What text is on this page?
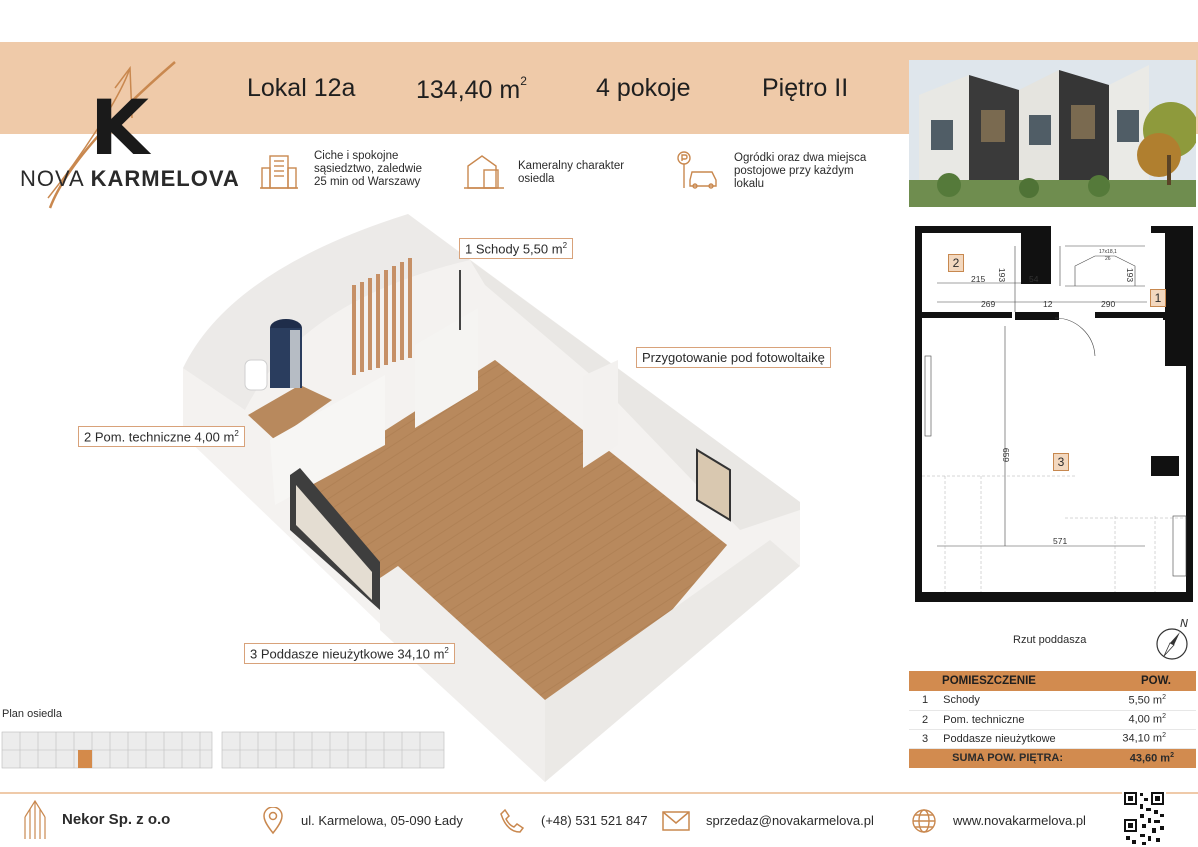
Lokal 12a 134,40 $m^2$	4 pokoje	Piętro II
K
NOVA KARMELOVA
Ciche i spokojne
sąsiedztwo, zaledwie
25 min od Warszawy
Kameralny charakter
osiedla
Ogródki oraz dwa miejsca
postojowe przy każdym
lokalu
1 Schody 5,50 $m^2$
Przygotowanie pod fotowoltaikę
2 Pom. techniczne 4,00 $m^2$
3 Poddasze nieużytkowe 34,10 $m^2$
2
1
3
215 193	54
269	12	290
659
571
193
17x18,1
26
Rzut poddasza
N
POMIESZCZENIE	POW.
1 Schody	5,50 $m^2$
2 Pom. techniczne	4,00 $m^2$
3 Poddasze nieużytkowe	34,10 $m^2$
SUMA POW. PIĘTRA:	43,60 $m^2$
Plan osiedla
Nekor Sp. z o.o	ul. Karmelowa, 05-090 Łady	(+48) 531 521 847	sprzedaz@novakarmelova.pl	www.novakarmelova.pl
